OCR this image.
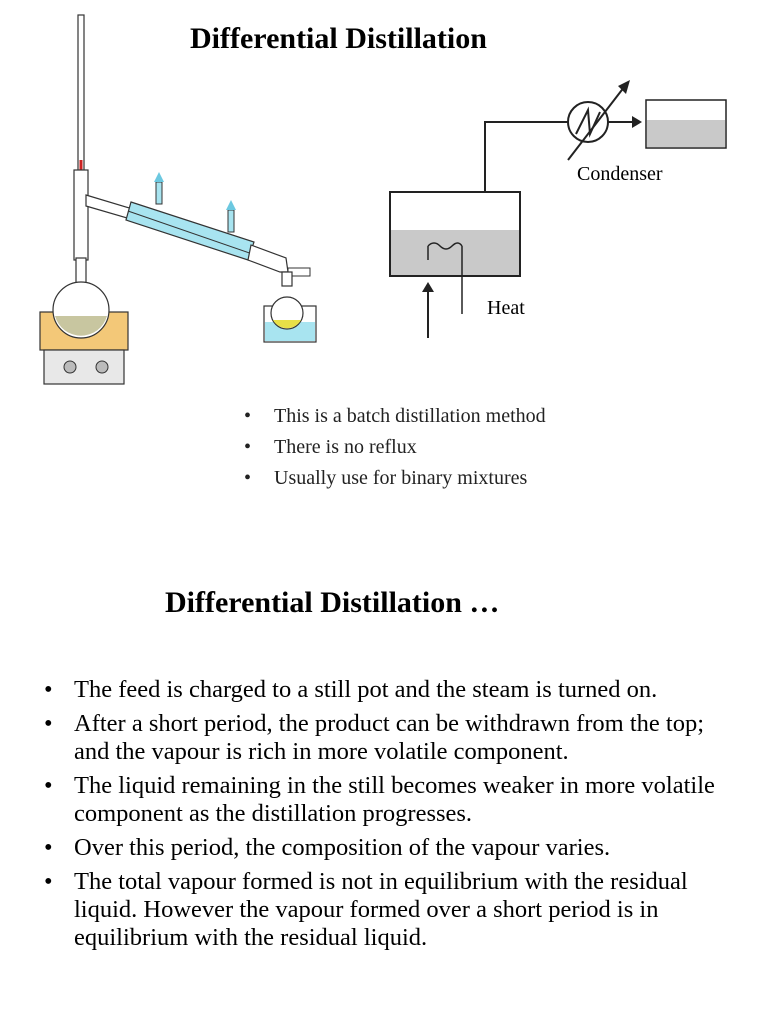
Differential Distillation
Condenser
Heat
• This is a batch distillation method
• There is no reflux
• Usually use for binary mixtures
Differential Distillation …
• The feed is charged to a still pot and the steam is turned on.
• After a short period, the product can be withdrawn from the top; and the vapour is rich in more volatile component.
• The liquid remaining in the still becomes weaker in more volatile component as the distillation progresses.
• Over this period, the composition of the vapour varies.
• The total vapour formed is not in equilibrium with the residual liquid. However the vapour formed over a short period is in equilibrium with the residual liquid.
